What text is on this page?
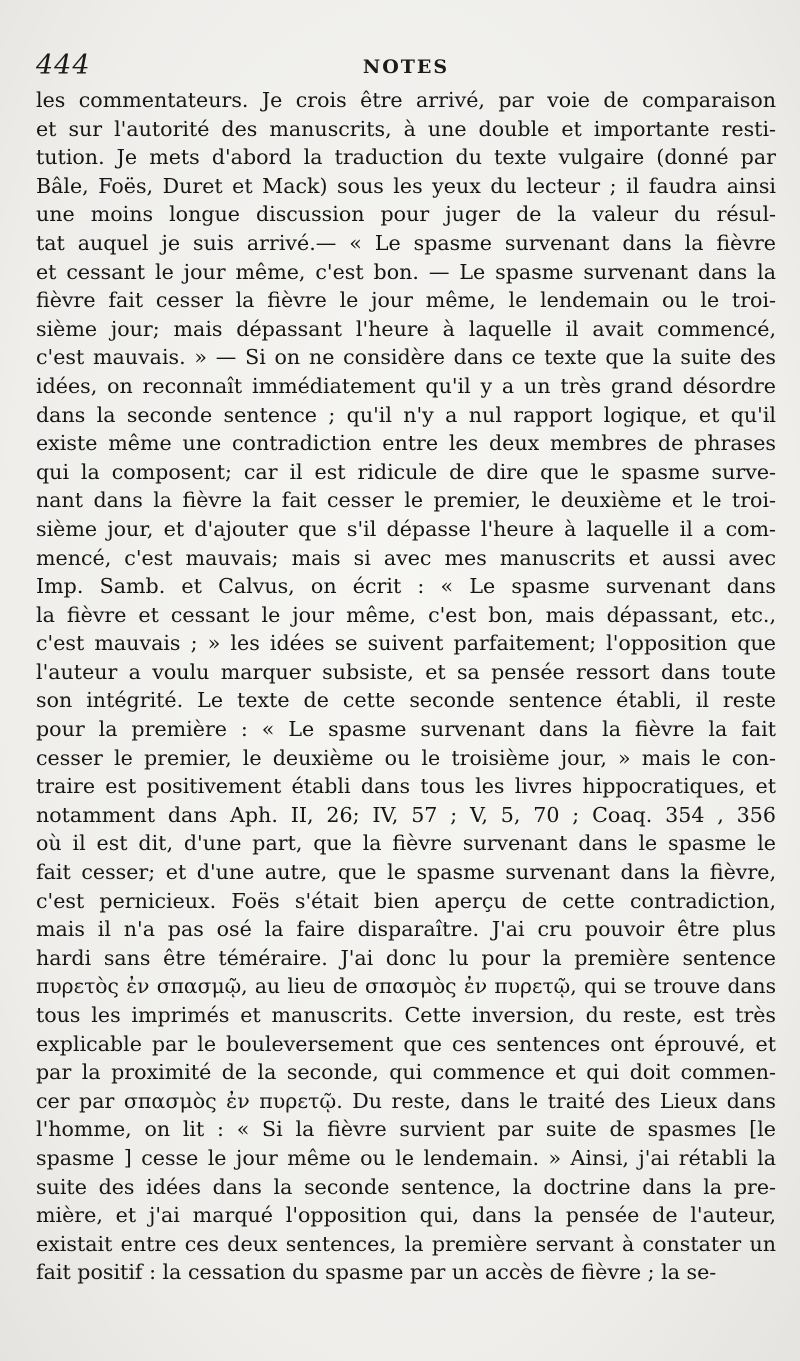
444	NOTES
les commentateurs. Je crois être arrivé, par voie de comparaison
et sur l'autorité des manuscrits, à une double et importante resti-
tution. Je mets d'abord la traduction du texte vulgaire (donné par
Bâle, Foës, Duret et Mack) sous les yeux du lecteur ; il faudra ainsi
une moins longue discussion pour juger de la valeur du résul-
tat auquel je suis arrivé.— « Le spasme survenant dans la fièvre
et cessant le jour même, c'est bon. — Le spasme survenant dans la
fièvre fait cesser la fièvre le jour même, le lendemain ou le troi-
sième jour; mais dépassant l'heure à laquelle il avait commencé,
c'est mauvais. » — Si on ne considère dans ce texte que la suite des
idées, on reconnaît immédiatement qu'il y a un très grand désordre
dans la seconde sentence ; qu'il n'y a nul rapport logique, et qu'il
existe même une contradiction entre les deux membres de phrases
qui la composent; car il est ridicule de dire que le spasme surve-
nant dans la fièvre la fait cesser le premier, le deuxième et le troi-
sième jour, et d'ajouter que s'il dépasse l'heure à laquelle il a com-
mencé, c'est mauvais; mais si avec mes manuscrits et aussi avec
Imp. Samb. et Calvus, on écrit : « Le spasme survenant dans
la fièvre et cessant le jour même, c'est bon, mais dépassant, etc.,
c'est mauvais ; » les idées se suivent parfaitement; l'opposition que
l'auteur a voulu marquer subsiste, et sa pensée ressort dans toute
son intégrité. Le texte de cette seconde sentence établi, il reste
pour la première : « Le spasme survenant dans la fièvre la fait
cesser le premier, le deuxième ou le troisième jour, » mais le con-
traire est positivement établi dans tous les livres hippocratiques, et
notamment dans Aph. II, 26; IV, 57 ; V, 5, 70 ; Coaq. 354 , 356
où il est dit, d'une part, que la fièvre survenant dans le spasme le
fait cesser; et d'une autre, que le spasme survenant dans la fièvre,
c'est pernicieux. Foës s'était bien aperçu de cette contradiction,
mais il n'a pas osé la faire disparaître. J'ai cru pouvoir être plus
hardi sans être téméraire. J'ai donc lu pour la première sentence
πυρετὸς ἐν σπασμῷ, au lieu de σπασμὸς ἐν πυρετῷ, qui se trouve dans
tous les imprimés et manuscrits. Cette inversion, du reste, est très
explicable par le bouleversement que ces sentences ont éprouvé, et
par la proximité de la seconde, qui commence et qui doit commen-
cer par σπασμὸς ἐν πυρετῷ. Du reste, dans le traité des Lieux dans
l'homme, on lit : « Si la fièvre survient par suite de spasmes [le
spasme ] cesse le jour même ou le lendemain. » Ainsi, j'ai rétabli la
suite des idées dans la seconde sentence, la doctrine dans la pre-
mière, et j'ai marqué l'opposition qui, dans la pensée de l'auteur,
existait entre ces deux sentences, la première servant à constater un
fait positif : la cessation du spasme par un accès de fièvre ; la se-
